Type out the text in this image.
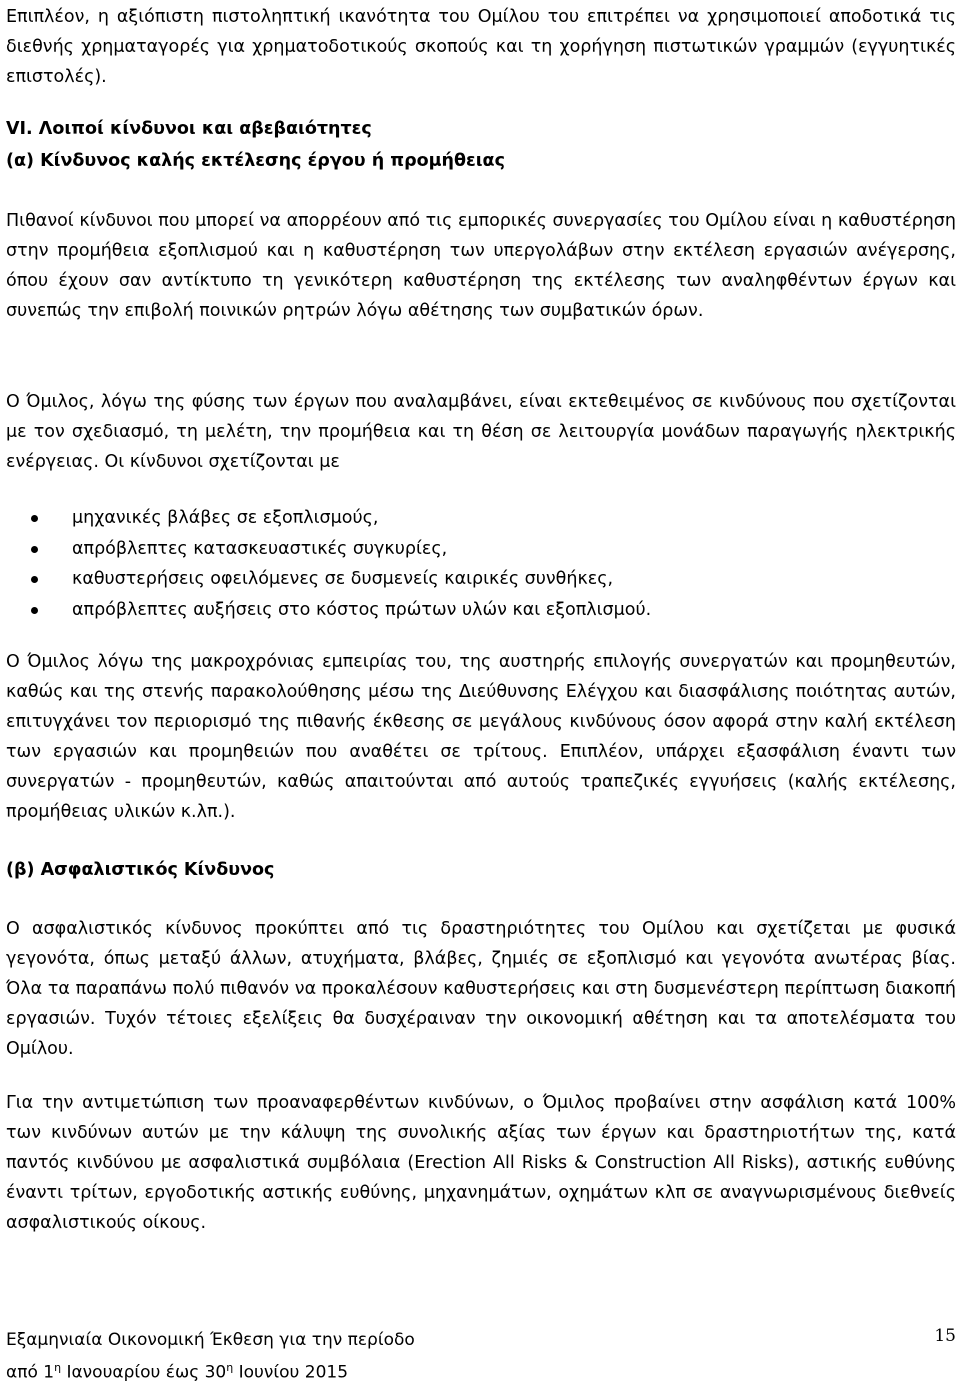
Επιπλέον, η αξιόπιστη πιστοληπτική ικανότητα του Ομίλου του επιτρέπει να χρησιμοποιεί αποδοτικά τις διεθνής χρηματαγορές για χρηματοδοτικούς σκοπούς και τη χορήγηση πιστωτικών γραμμών (εγγυητικές επιστολές).

VI. Λοιποί κίνδυνοι και αβεβαιότητες
(α) Κίνδυνος καλής εκτέλεσης έργου ή προμήθειας

Πιθανοί κίνδυνοι που μπορεί να απορρέουν από τις εμπορικές συνεργασίες του Ομίλου είναι η καθυστέρηση στην προμήθεια εξοπλισμού και η καθυστέρηση των υπεργολάβων στην εκτέλεση εργασιών ανέγερσης, όπου έχουν σαν αντίκτυπο τη γενικότερη καθυστέρηση της εκτέλεσης των αναληφθέντων έργων και συνεπώς την επιβολή ποινικών ρητρών λόγω αθέτησης των συμβατικών όρων.

Ο Όμιλος, λόγω της φύσης των έργων που αναλαμβάνει, είναι εκτεθειμένος σε κινδύνους που σχετίζονται με τον σχεδιασμό, τη μελέτη, την προμήθεια και τη θέση σε λειτουργία μονάδων παραγωγής ηλεκτρικής ενέργειας. Οι κίνδυνοι σχετίζονται με

μηχανικές βλάβες σε εξοπλισμούς,
απρόβλεπτες κατασκευαστικές συγκυρίες,
καθυστερήσεις οφειλόμενες σε δυσμενείς καιρικές συνθήκες,
απρόβλεπτες αυξήσεις στο κόστος πρώτων υλών και εξοπλισμού.

Ο Όμιλος λόγω της μακροχρόνιας εμπειρίας του, της αυστηρής επιλογής συνεργατών και προμηθευτών, καθώς και της στενής παρακολούθησης μέσω της Διεύθυνσης Ελέγχου και διασφάλισης ποιότητας αυτών, επιτυγχάνει τον περιορισμό της πιθανής έκθεσης σε μεγάλους κινδύνους όσον αφορά στην καλή εκτέλεση των εργασιών και προμηθειών που αναθέτει σε τρίτους. Επιπλέον, υπάρχει εξασφάλιση έναντι των συνεργατών - προμηθευτών, καθώς απαιτούνται από αυτούς τραπεζικές εγγυήσεις (καλής εκτέλεσης, προμήθειας υλικών κ.λπ.).

(β) Ασφαλιστικός Κίνδυνος

Ο ασφαλιστικός κίνδυνος προκύπτει από τις δραστηριότητες του Ομίλου και σχετίζεται με φυσικά γεγονότα, όπως μεταξύ άλλων, ατυχήματα, βλάβες, ζημιές σε εξοπλισμό και γεγονότα ανωτέρας βίας. Όλα τα παραπάνω πολύ πιθανόν να προκαλέσουν καθυστερήσεις και στη δυσμενέστερη περίπτωση διακοπή εργασιών. Τυχόν τέτοιες εξελίξεις θα δυσχέραιναν την οικονομική αθέτηση και τα αποτελέσματα του Ομίλου.

Για την αντιμετώπιση των προαναφερθέντων κινδύνων, ο Όμιλος προβαίνει στην ασφάλιση κατά 100% των κινδύνων αυτών με την κάλυψη της συνολικής αξίας των έργων και δραστηριοτήτων της, κατά παντός κινδύνου με ασφαλιστικά συμβόλαια (Erection All Risks & Construction All Risks), αστικής ευθύνης έναντι τρίτων, εργοδοτικής αστικής ευθύνης, μηχανημάτων, οχημάτων κλπ σε αναγνωρισμένους διεθνείς ασφαλιστικούς οίκους.

Εξαμηνιαία Οικονομική Έκθεση για την περίοδο
από $1^\eta$ Ιανουαρίου έως $30^\eta$ Ιουνίου 2015
15
